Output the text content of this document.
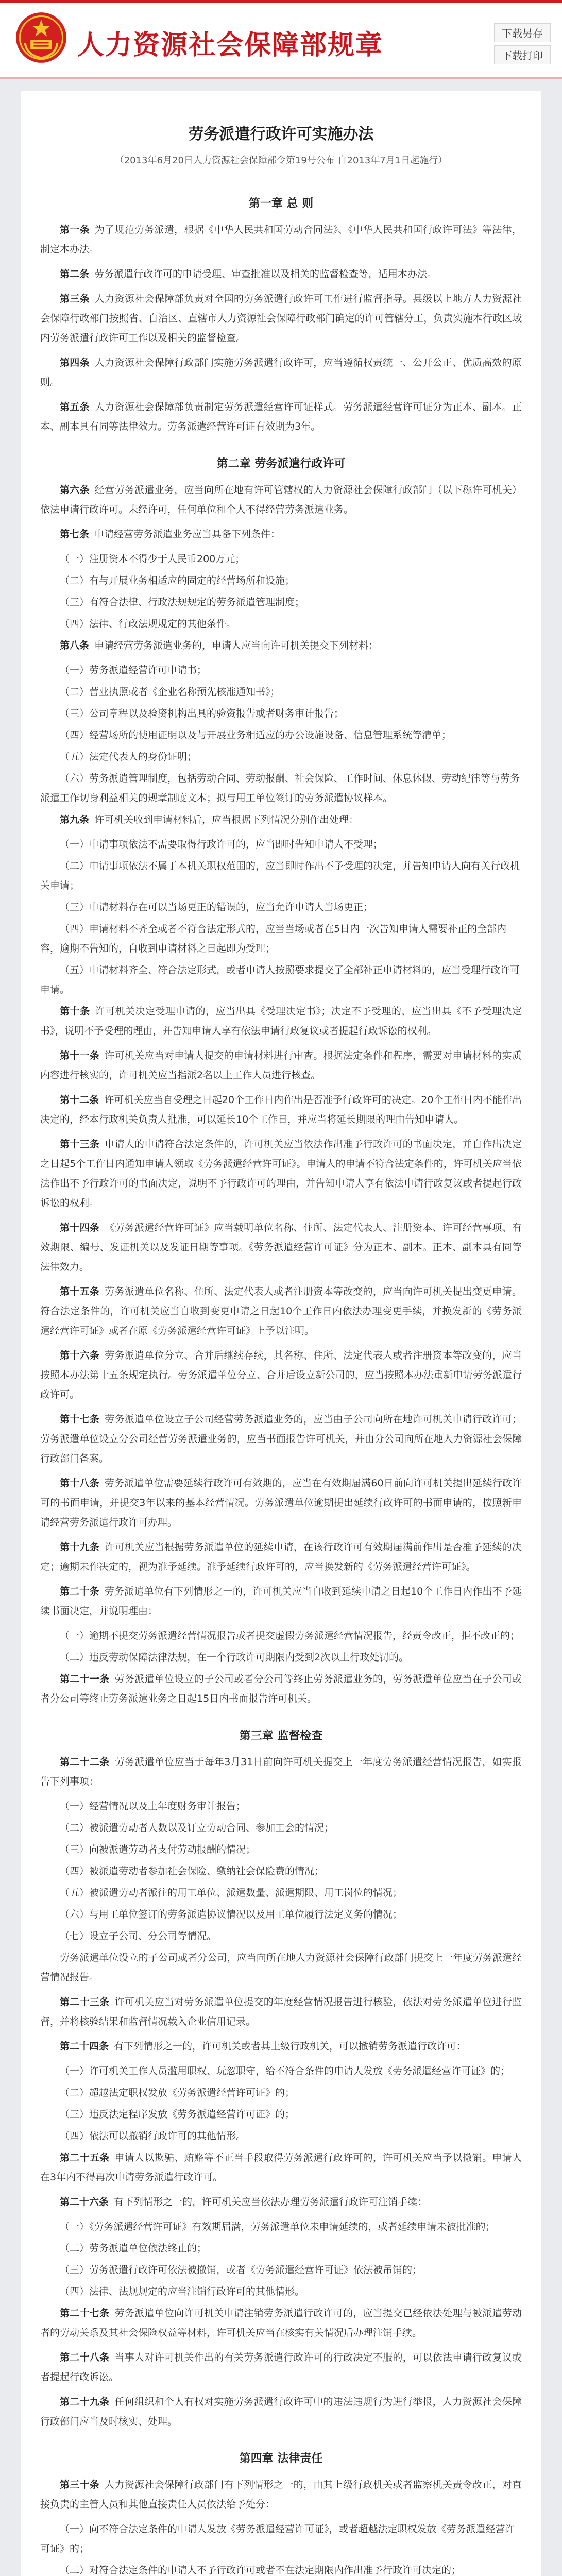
人力资源社会保障部规章	下载另存
下载打印
劳务派遣行政许可实施办法
（2013年6月20日人力资源社会保障部令第19号公布 自2013年7月1日起施行）
第一章 总 则

第一条 为了规范劳务派遣，根据《中华人民共和国劳动合同法》、《中华人民共和国行政许可法》等法律，制定本办法。

第二条 劳务派遣行政许可的申请受理、审查批准以及相关的监督检查等，适用本办法。

第三条 人力资源社会保障部负责对全国的劳务派遣行政许可工作进行监督指导。县级以上地方人力资源社会保障行政部门按照省、自治区、直辖市人力资源社会保障行政部门确定的许可管辖分工，负责实施本行政区域内劳务派遣行政许可工作以及相关的监督检查。

第四条 人力资源社会保障行政部门实施劳务派遣行政许可，应当遵循权责统一、公开公正、优质高效的原则。

第五条 人力资源社会保障部负责制定劳务派遣经营许可证样式。劳务派遣经营许可证分为正本、副本。正本、副本具有同等法律效力。劳务派遣经营许可证有效期为3年。

第二章 劳务派遣行政许可

第六条 经营劳务派遣业务，应当向所在地有许可管辖权的人力资源社会保障行政部门（以下称许可机关）依法申请行政许可。未经许可，任何单位和个人不得经营劳务派遣业务。

第七条 申请经营劳务派遣业务应当具备下列条件：

（一）注册资本不得少于人民币200万元；

（二）有与开展业务相适应的固定的经营场所和设施；

（三）有符合法律、行政法规规定的劳务派遣管理制度；

（四）法律、行政法规规定的其他条件。

第八条 申请经营劳务派遣业务的，申请人应当向许可机关提交下列材料：

（一）劳务派遣经营许可申请书；

（二）营业执照或者《企业名称预先核准通知书》；

（三）公司章程以及验资机构出具的验资报告或者财务审计报告；

（四）经营场所的使用证明以及与开展业务相适应的办公设施设备、信息管理系统等清单；

（五）法定代表人的身份证明；

（六）劳务派遣管理制度，包括劳动合同、劳动报酬、社会保险、工作时间、休息休假、劳动纪律等与劳务派遣工作切身利益相关的规章制度文本；拟与用工单位签订的劳务派遣协议样本。

第九条 许可机关收到申请材料后，应当根据下列情况分别作出处理：

（一）申请事项依法不需要取得行政许可的，应当即时告知申请人不受理；

（二）申请事项依法不属于本机关职权范围的，应当即时作出不予受理的决定，并告知申请人向有关行政机关申请；

（三）申请材料存在可以当场更正的错误的，应当允许申请人当场更正；

（四）申请材料不齐全或者不符合法定形式的，应当当场或者在5日内一次告知申请人需要补正的全部内容，逾期不告知的，自收到申请材料之日起即为受理；

（五）申请材料齐全、符合法定形式，或者申请人按照要求提交了全部补正申请材料的，应当受理行政许可申请。

第十条 许可机关决定受理申请的，应当出具《受理决定书》；决定不予受理的，应当出具《不予受理决定书》，说明不予受理的理由，并告知申请人享有依法申请行政复议或者提起行政诉讼的权利。

第十一条 许可机关应当对申请人提交的申请材料进行审查。根据法定条件和程序，需要对申请材料的实质内容进行核实的，许可机关应当指派2名以上工作人员进行核查。

第十二条 许可机关应当自受理之日起20个工作日内作出是否准予行政许可的决定。20个工作日内不能作出决定的，经本行政机关负责人批准，可以延长10个工作日，并应当将延长期限的理由告知申请人。

第十三条 申请人的申请符合法定条件的，许可机关应当依法作出准予行政许可的书面决定，并自作出决定之日起5个工作日内通知申请人领取《劳务派遣经营许可证》。申请人的申请不符合法定条件的，许可机关应当依法作出不予行政许可的书面决定，说明不予行政许可的理由，并告知申请人享有依法申请行政复议或者提起行政诉讼的权利。

第十四条 《劳务派遣经营许可证》应当载明单位名称、住所、法定代表人、注册资本、许可经营事项、有效期限、编号、发证机关以及发证日期等事项。《劳务派遣经营许可证》分为正本、副本。正本、副本具有同等法律效力。

第十五条 劳务派遣单位名称、住所、法定代表人或者注册资本等改变的，应当向许可机关提出变更申请。符合法定条件的，许可机关应当自收到变更申请之日起10个工作日内依法办理变更手续，并换发新的《劳务派遣经营许可证》或者在原《劳务派遣经营许可证》上予以注明。

第十六条 劳务派遣单位分立、合并后继续存续，其名称、住所、法定代表人或者注册资本等改变的，应当按照本办法第十五条规定执行。劳务派遣单位分立、合并后设立新公司的，应当按照本办法重新申请劳务派遣行政许可。

第十七条 劳务派遣单位设立子公司经营劳务派遣业务的，应当由子公司向所在地许可机关申请行政许可；劳务派遣单位设立分公司经营劳务派遣业务的，应当书面报告许可机关，并由分公司向所在地人力资源社会保障行政部门备案。

第十八条 劳务派遣单位需要延续行政许可有效期的，应当在有效期届满60日前向许可机关提出延续行政许可的书面申请，并提交3年以来的基本经营情况。劳务派遣单位逾期提出延续行政许可的书面申请的，按照新申请经营劳务派遣行政许可办理。

第十九条 许可机关应当根据劳务派遣单位的延续申请，在该行政许可有效期届满前作出是否准予延续的决定；逾期未作决定的，视为准予延续。准予延续行政许可的，应当换发新的《劳务派遣经营许可证》。

第二十条 劳务派遣单位有下列情形之一的，许可机关应当自收到延续申请之日起10个工作日内作出不予延续书面决定，并说明理由：

（一）逾期不提交劳务派遣经营情况报告或者提交虚假劳务派遣经营情况报告，经责令改正，拒不改正的；

（二）违反劳动保障法律法规，在一个行政许可期限内受到2次以上行政处罚的。

第二十一条 劳务派遣单位设立的子公司或者分公司等终止劳务派遣业务的，劳务派遣单位应当在子公司或者分公司等终止劳务派遣业务之日起15日内书面报告许可机关。

第三章 监督检查

第二十二条 劳务派遣单位应当于每年3月31日前向许可机关提交上一年度劳务派遣经营情况报告，如实报告下列事项：

（一）经营情况以及上年度财务审计报告；

（二）被派遣劳动者人数以及订立劳动合同、参加工会的情况；

（三）向被派遣劳动者支付劳动报酬的情况；

（四）被派遣劳动者参加社会保险、缴纳社会保险费的情况；

（五）被派遣劳动者派往的用工单位、派遣数量、派遣期限、用工岗位的情况；

（六）与用工单位签订的劳务派遣协议情况以及用工单位履行法定义务的情况；

（七）设立子公司、分公司等情况。

劳务派遣单位设立的子公司或者分公司，应当向所在地人力资源社会保障行政部门提交上一年度劳务派遣经营情况报告。

第二十三条 许可机关应当对劳务派遣单位提交的年度经营情况报告进行核验，依法对劳务派遣单位进行监督，并将核验结果和监督情况载入企业信用记录。

第二十四条 有下列情形之一的，许可机关或者其上级行政机关，可以撤销劳务派遣行政许可：

（一）许可机关工作人员滥用职权、玩忽职守，给不符合条件的申请人发放《劳务派遣经营许可证》的；

（二）超越法定职权发放《劳务派遣经营许可证》的；

（三）违反法定程序发放《劳务派遣经营许可证》的；

（四）依法可以撤销行政许可的其他情形。

第二十五条 申请人以欺骗、贿赂等不正当手段取得劳务派遣行政许可的，许可机关应当予以撤销。申请人在3年内不得再次申请劳务派遣行政许可。

第二十六条 有下列情形之一的，许可机关应当依法办理劳务派遣行政许可注销手续：

（一）《劳务派遣经营许可证》有效期届满，劳务派遣单位未申请延续的，或者延续申请未被批准的；

（二）劳务派遣单位依法终止的；

（三）劳务派遣行政许可依法被撤销，或者《劳务派遣经营许可证》依法被吊销的；

（四）法律、法规规定的应当注销行政许可的其他情形。

第二十七条 劳务派遣单位向许可机关申请注销劳务派遣行政许可的，应当提交已经依法处理与被派遣劳动者的劳动关系及其社会保险权益等材料，许可机关应当在核实有关情况后办理注销手续。

第二十八条 当事人对许可机关作出的有关劳务派遣行政许可的行政决定不服的，可以依法申请行政复议或者提起行政诉讼。

第二十九条 任何组织和个人有权对实施劳务派遣行政许可中的违法违规行为进行举报，人力资源社会保障行政部门应当及时核实、处理。

第四章 法律责任

第三十条 人力资源社会保障行政部门有下列情形之一的，由其上级行政机关或者监察机关责令改正，对直接负责的主管人员和其他直接责任人员依法给予处分：

（一）向不符合法定条件的申请人发放《劳务派遣经营许可证》，或者超越法定职权发放《劳务派遣经营许可证》的；

（二）对符合法定条件的申请人不予行政许可或者不在法定期限内作出准予行政许可决定的；
